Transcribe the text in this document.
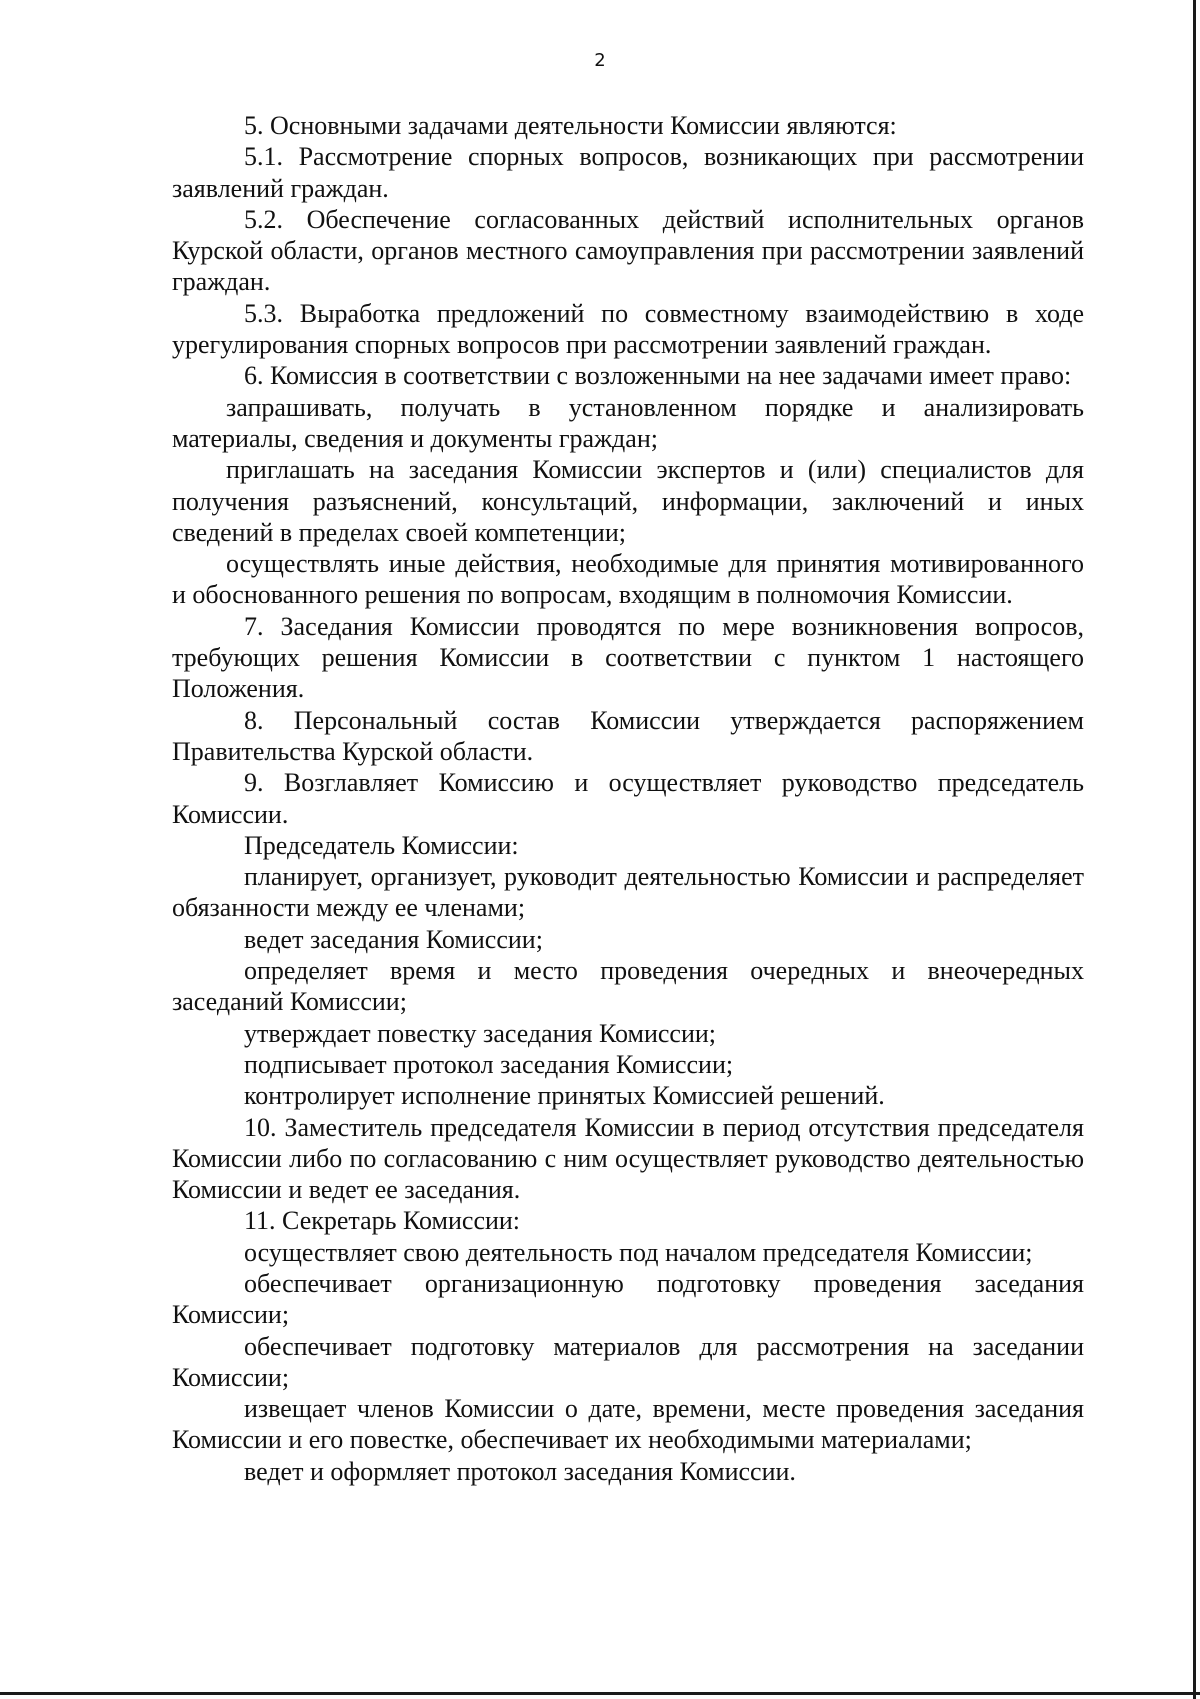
2

5. Основными задачами деятельности Комиссии являются:

5.1. Рассмотрение спорных вопросов, возникающих при рассмотрении заявлений граждан.

5.2. Обеспечение согласованных действий исполнительных органов Курской области, органов местного самоуправления при рассмотрении заявлений граждан.

5.3. Выработка предложений по совместному взаимодействию в ходе урегулирования спорных вопросов при рассмотрении заявлений граждан.

6. Комиссия в соответствии с возложенными на нее задачами имеет право:

запрашивать, получать в установленном порядке и анализировать материалы, сведения и документы граждан;

приглашать на заседания Комиссии экспертов и (или) специалистов для получения разъяснений, консультаций, информации, заключений и иных сведений в пределах своей компетенции;

осуществлять иные действия, необходимые для принятия мотивированного и обоснованного решения по вопросам, входящим в полномочия Комиссии.

7. Заседания Комиссии проводятся по мере возникновения вопросов, требующих решения Комиссии в соответствии с пунктом 1 настоящего Положения.

8. Персональный состав Комиссии утверждается распоряжением Правительства Курской области.

9. Возглавляет Комиссию и осуществляет руководство председатель Комиссии.

Председатель Комиссии:

планирует, организует, руководит деятельностью Комиссии и распределяет обязанности между ее членами;

ведет заседания Комиссии;

определяет время и место проведения очередных и внеочередных заседаний Комиссии;

утверждает повестку заседания Комиссии;

подписывает протокол заседания Комиссии;

контролирует исполнение принятых Комиссией решений.

10. Заместитель председателя Комиссии в период отсутствия председателя Комиссии либо по согласованию с ним осуществляет руководство деятельностью Комиссии и ведет ее заседания.

11. Секретарь Комиссии:

осуществляет свою деятельность под началом председателя Комиссии;

обеспечивает организационную подготовку проведения заседания Комиссии;

обеспечивает подготовку материалов для рассмотрения на заседании Комиссии;

извещает членов Комиссии о дате, времени, месте проведения заседания Комиссии и его повестке, обеспечивает их необходимыми материалами;

ведет и оформляет протокол заседания Комиссии.
